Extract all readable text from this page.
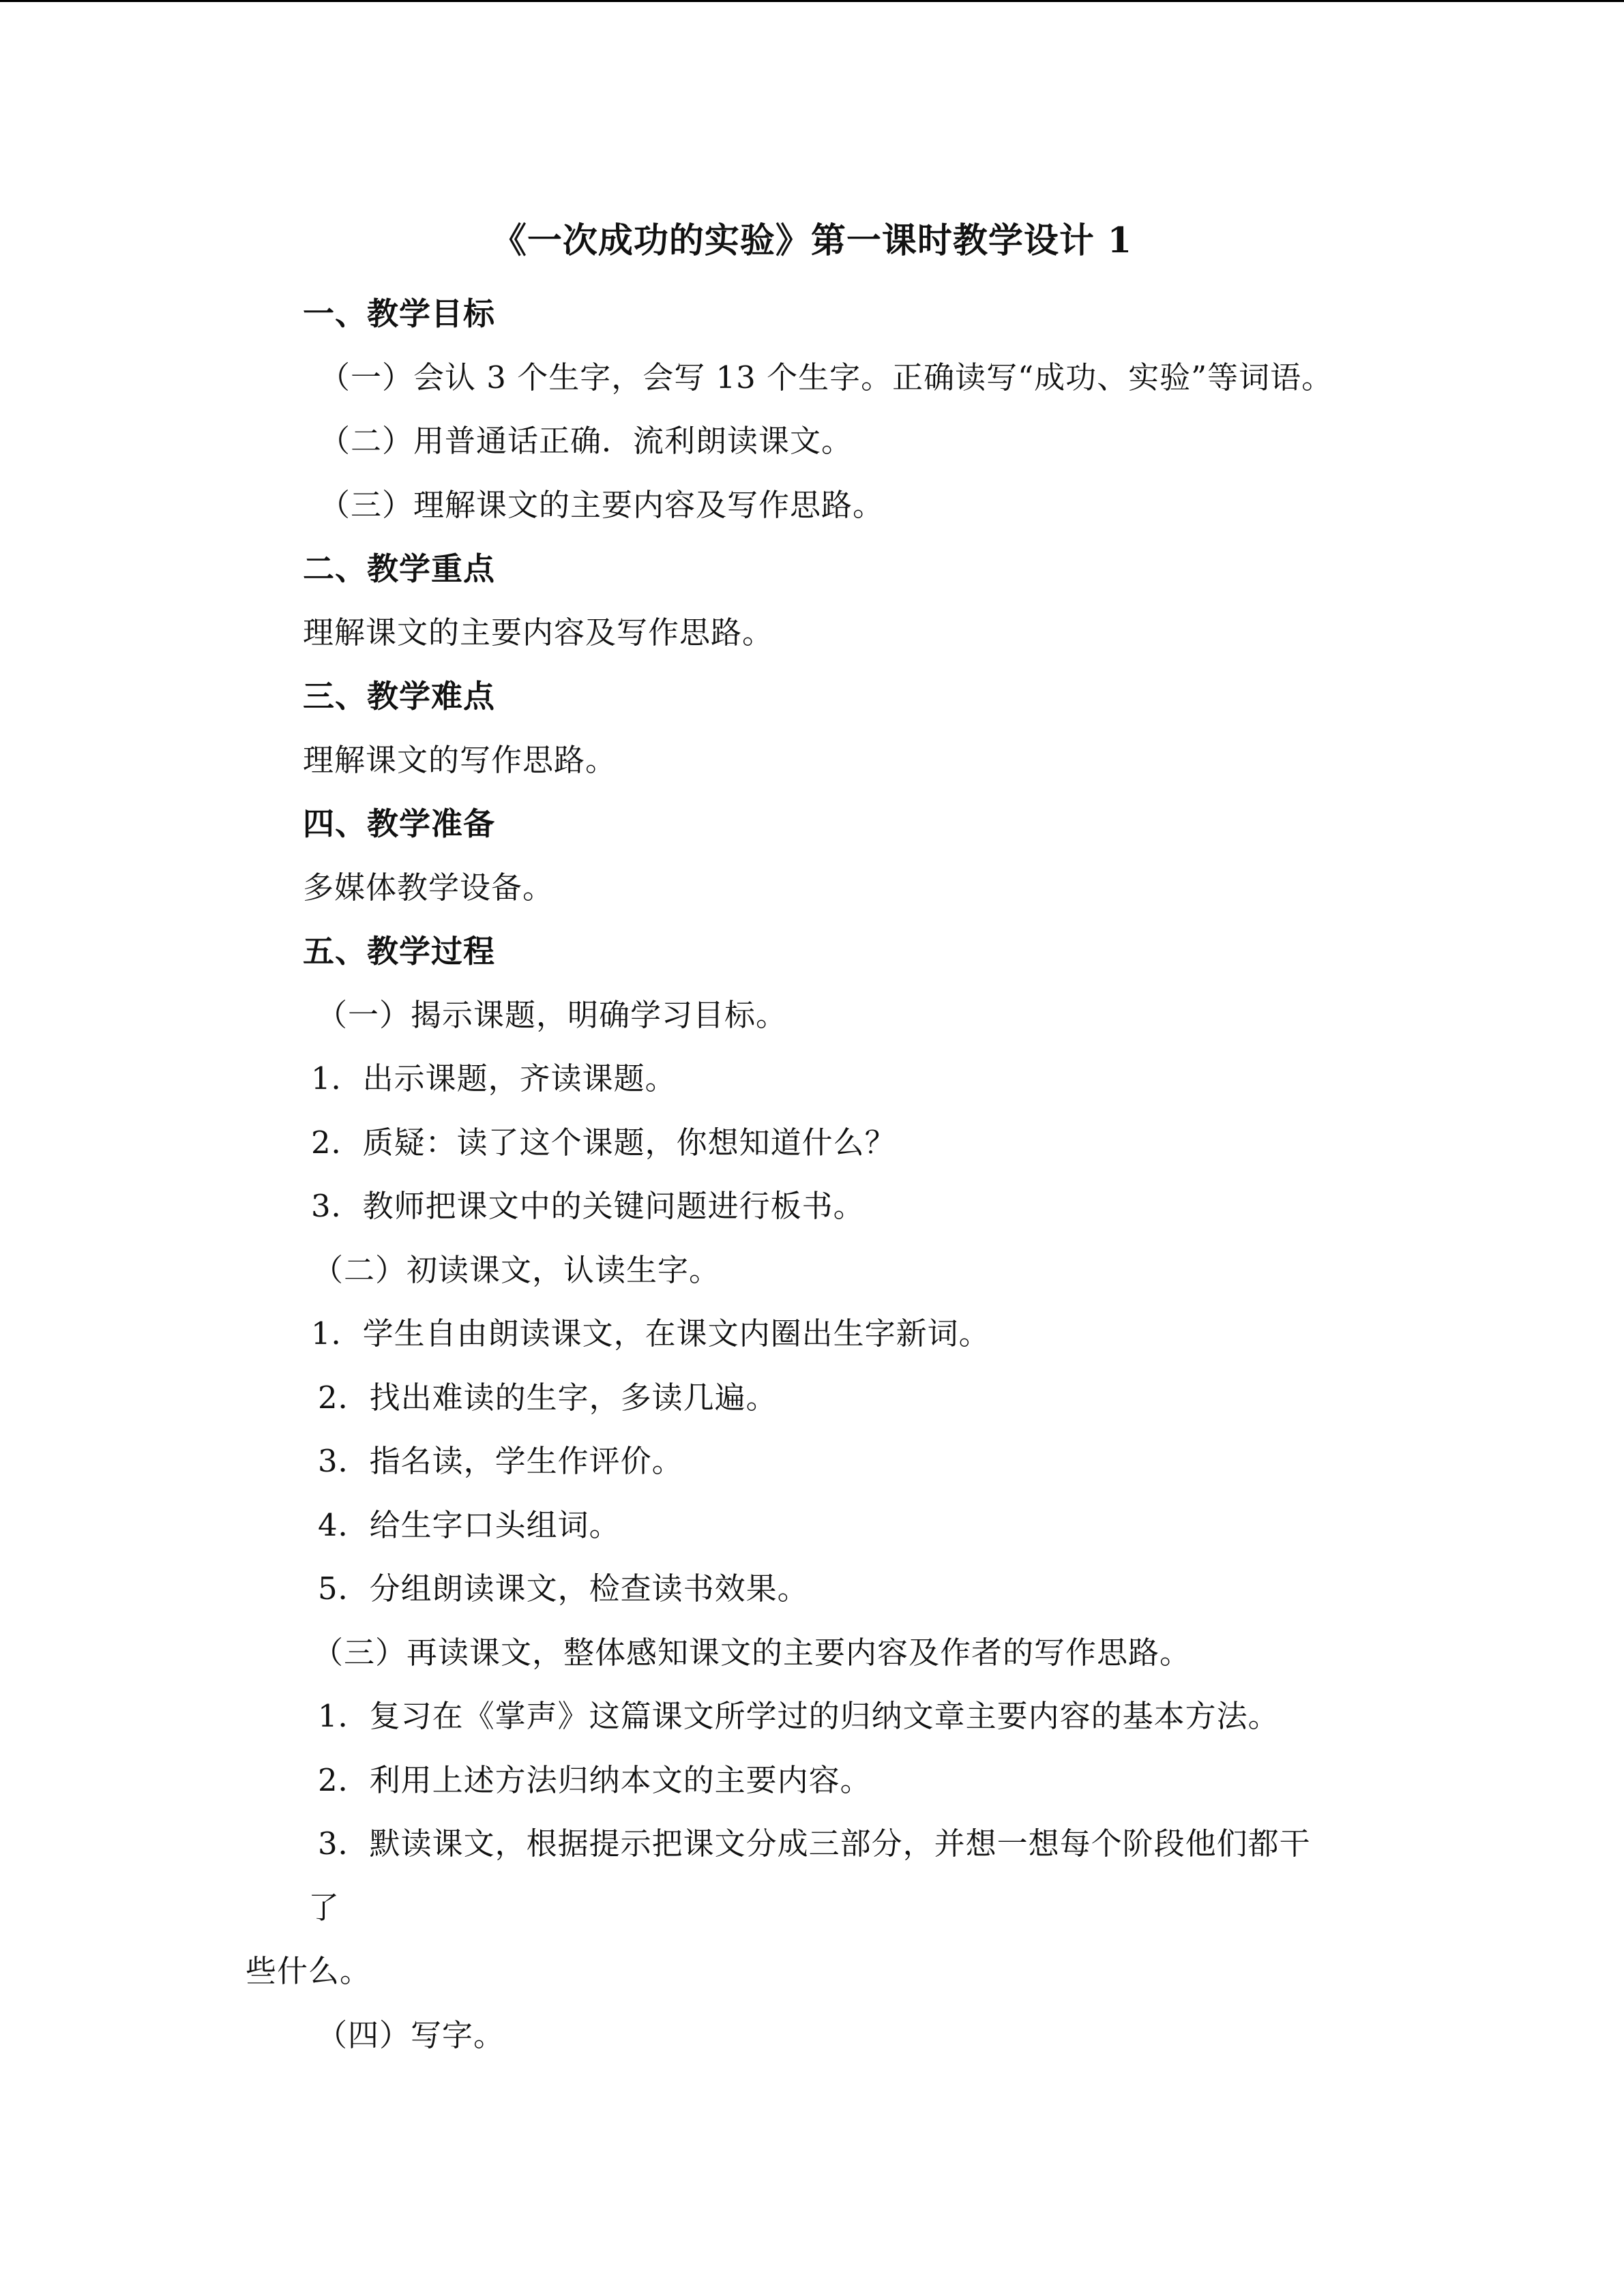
《一次成功的实验》第一课时教学设计 1
一、教学目标
（一）会认 3 个生字，会写 13 个生字。正确读写“成功、实验”等词语。
（二）用普通话正确．流利朗读课文。
（三）理解课文的主要内容及写作思路。
二、教学重点
理解课文的主要内容及写作思路。
三、教学难点
理解课文的写作思路。
四、教学准备
多媒体教学设备。
五、教学过程
（一）揭示课题，明确学习目标。
1．出示课题，齐读课题。
2．质疑：读了这个课题，你想知道什么？
3．教师把课文中的关键问题进行板书。
（二）初读课文，认读生字。
1．学生自由朗读课文，在课文内圈出生字新词。
2．找出难读的生字，多读几遍。
3．指名读，学生作评价。
4．给生字口头组词。
5．分组朗读课文，检查读书效果。
（三）再读课文，整体感知课文的主要内容及作者的写作思路。
1．复习在《掌声》这篇课文所学过的归纳文章主要内容的基本方法。
2．利用上述方法归纳本文的主要内容。
3．默读课文，根据提示把课文分成三部分，并想一想每个阶段他们都干
了
些什么。
（四）写字。
